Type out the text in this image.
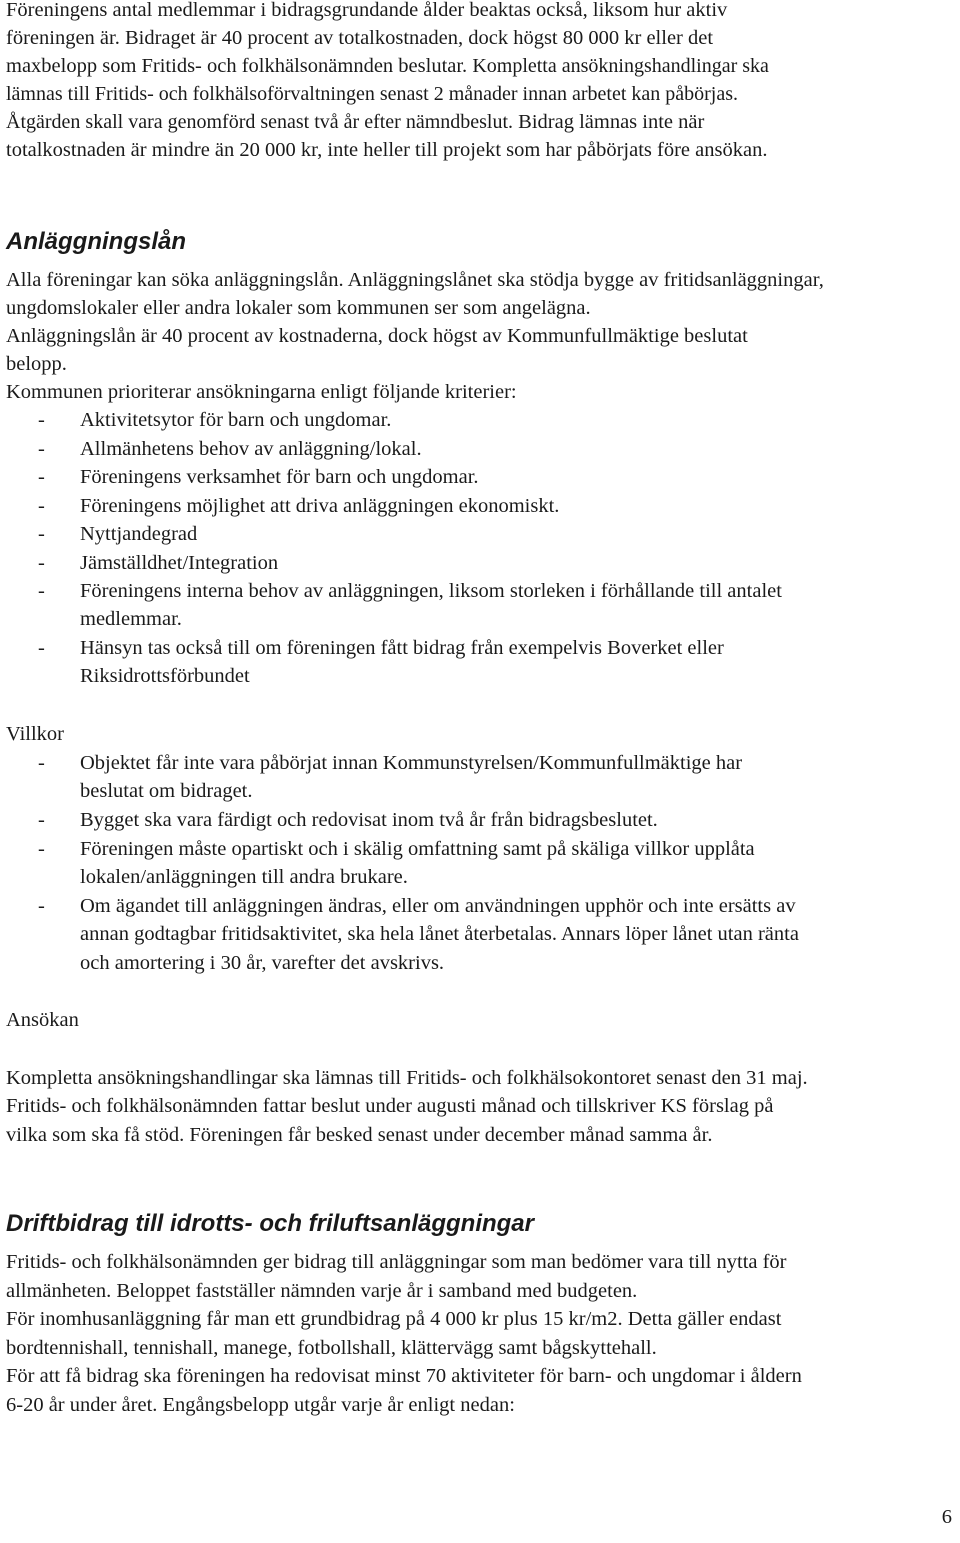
Föreningens antal medlemmar i bidragsgrundande ålder beaktas också, liksom hur aktiv
föreningen är. Bidraget är 40 procent av totalkostnaden, dock högst 80 000 kr eller det
maxbelopp som Fritids- och folkhälsonämnden beslutar. Kompletta ansökningshandlingar ska
lämnas till Fritids- och folkhälsoförvaltningen senast 2 månader innan arbetet kan påbörjas.
Åtgärden skall vara genomförd senast två år efter nämndbeslut. Bidrag lämnas inte när
totalkostnaden är mindre än 20 000 kr, inte heller till projekt som har påbörjats före ansökan.
Anläggningslån
Alla föreningar kan söka anläggningslån. Anläggningslånet ska stödja bygge av fritidsanläggningar,
ungdomslokaler eller andra lokaler som kommunen ser som angelägna.
Anläggningslån är 40 procent av kostnaderna, dock högst av Kommunfullmäktige beslutat
belopp.
Kommunen prioriterar ansökningarna enligt följande kriterier:
- Aktivitetsytor för barn och ungdomar.
- Allmänhetens behov av anläggning/lokal.
- Föreningens verksamhet för barn och ungdomar.
- Föreningens möjlighet att driva anläggningen ekonomiskt.
- Nyttjandegrad
- Jämställdhet/Integration
- Föreningens interna behov av anläggningen, liksom storleken i förhållande till antalet
medlemmar.
- Hänsyn tas också till om föreningen fått bidrag från exempelvis Boverket eller
Riksidrottsförbundet
Villkor
- Objektet får inte vara påbörjat innan Kommunstyrelsen/Kommunfullmäktige har
beslutat om bidraget.
- Bygget ska vara färdigt och redovisat inom två år från bidragsbeslutet.
- Föreningen måste opartiskt och i skälig omfattning samt på skäliga villkor upplåta
lokalen/anläggningen till andra brukare.
- Om ägandet till anläggningen ändras, eller om användningen upphör och inte ersätts av
annan godtagbar fritidsaktivitet, ska hela lånet återbetalas. Annars löper lånet utan ränta
och amortering i 30 år, varefter det avskrivs.
Ansökan
Kompletta ansökningshandlingar ska lämnas till Fritids- och folkhälsokontoret senast den 31 maj.
Fritids- och folkhälsonämnden fattar beslut under augusti månad och tillskriver KS förslag på
vilka som ska få stöd. Föreningen får besked senast under december månad samma år.
Driftbidrag till idrotts- och friluftsanläggningar
Fritids- och folkhälsonämnden ger bidrag till anläggningar som man bedömer vara till nytta för
allmänheten. Beloppet fastställer nämnden varje år i samband med budgeten.
För inomhusanläggning får man ett grundbidrag på 4 000 kr plus 15 kr/m2. Detta gäller endast
bordtennishall, tennishall, manege, fotbollshall, klättervägg samt bågskyttehall.
För att få bidrag ska föreningen ha redovisat minst 70 aktiviteter för barn- och ungdomar i åldern
6-20 år under året. Engångsbelopp utgår varje år enligt nedan:
6
